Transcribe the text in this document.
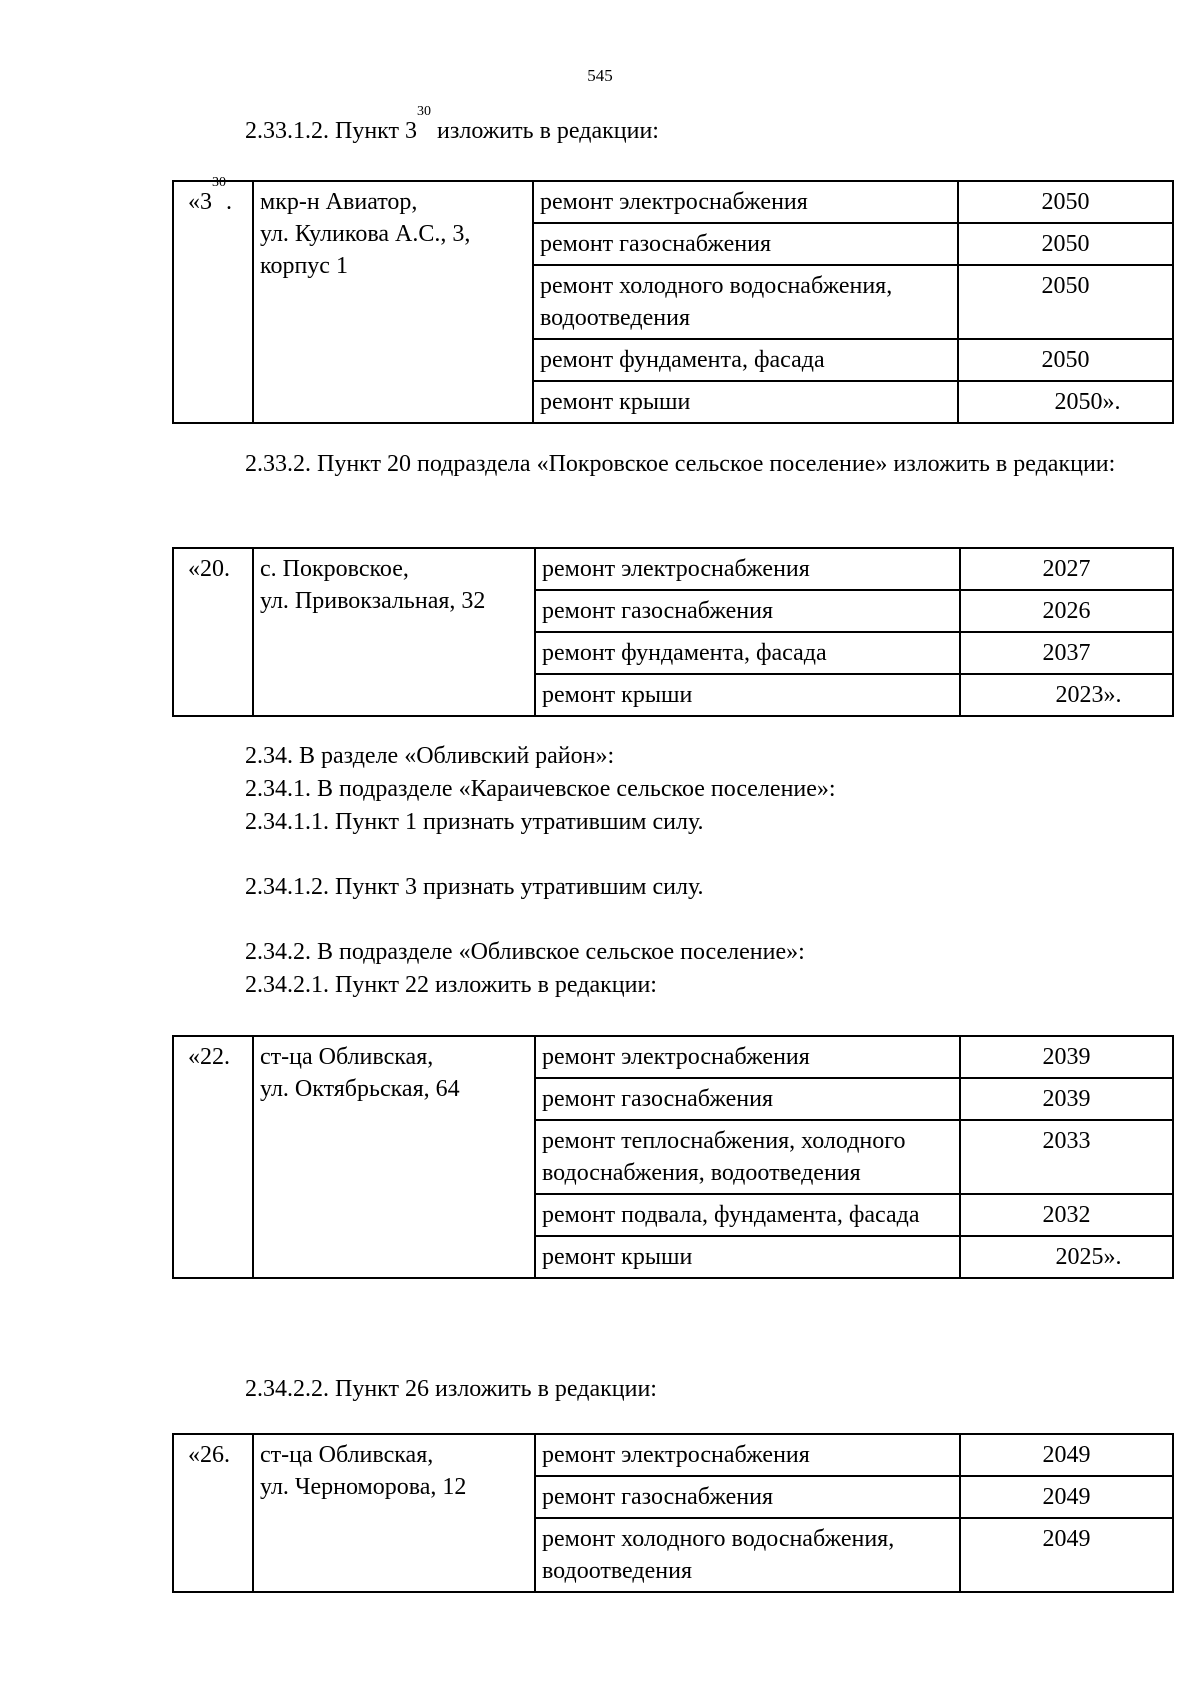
545
2.33.1.2. Пункт $3^{30}$ изложить в редакции:
«$3^{30}$.	мкр-н Авиатор,
ул. Куликова А.С., 3,
корпус 1	ремонт электроснабжения	2050
		ремонт газоснабжения	2050
		ремонт холодного водоснабжения, водоотведения	2050
		ремонт фундамента, фасада	2050
		ремонт крыши	2050».
2.33.2. Пункт 20 подраздела «Покровское сельское поселение» изложить в редакции:
«20.	с. Покровское,
ул. Привокзальная, 32	ремонт электроснабжения	2027
		ремонт газоснабжения	2026
		ремонт фундамента, фасада	2037
		ремонт крыши	2023».
2.34. В разделе «Обливский район»:
2.34.1. В подразделе «Караичевское сельское поселение»:
2.34.1.1. Пункт 1 признать утратившим силу.
2.34.1.2. Пункт 3 признать утратившим силу.
2.34.2. В подразделе «Обливское сельское поселение»:
2.34.2.1. Пункт 22 изложить в редакции:
«22.	ст-ца Обливская,
ул. Октябрьская, 64	ремонт электроснабжения	2039
		ремонт газоснабжения	2039
		ремонт теплоснабжения, холодного водоснабжения, водоотведения	2033
		ремонт подвала, фундамента, фасада	2032
		ремонт крыши	2025».
2.34.2.2. Пункт 26 изложить в редакции:
«26.	ст-ца Обливская,
ул. Черноморова, 12	ремонт электроснабжения	2049
		ремонт газоснабжения	2049
		ремонт холодного водоснабжения, водоотведения	2049
